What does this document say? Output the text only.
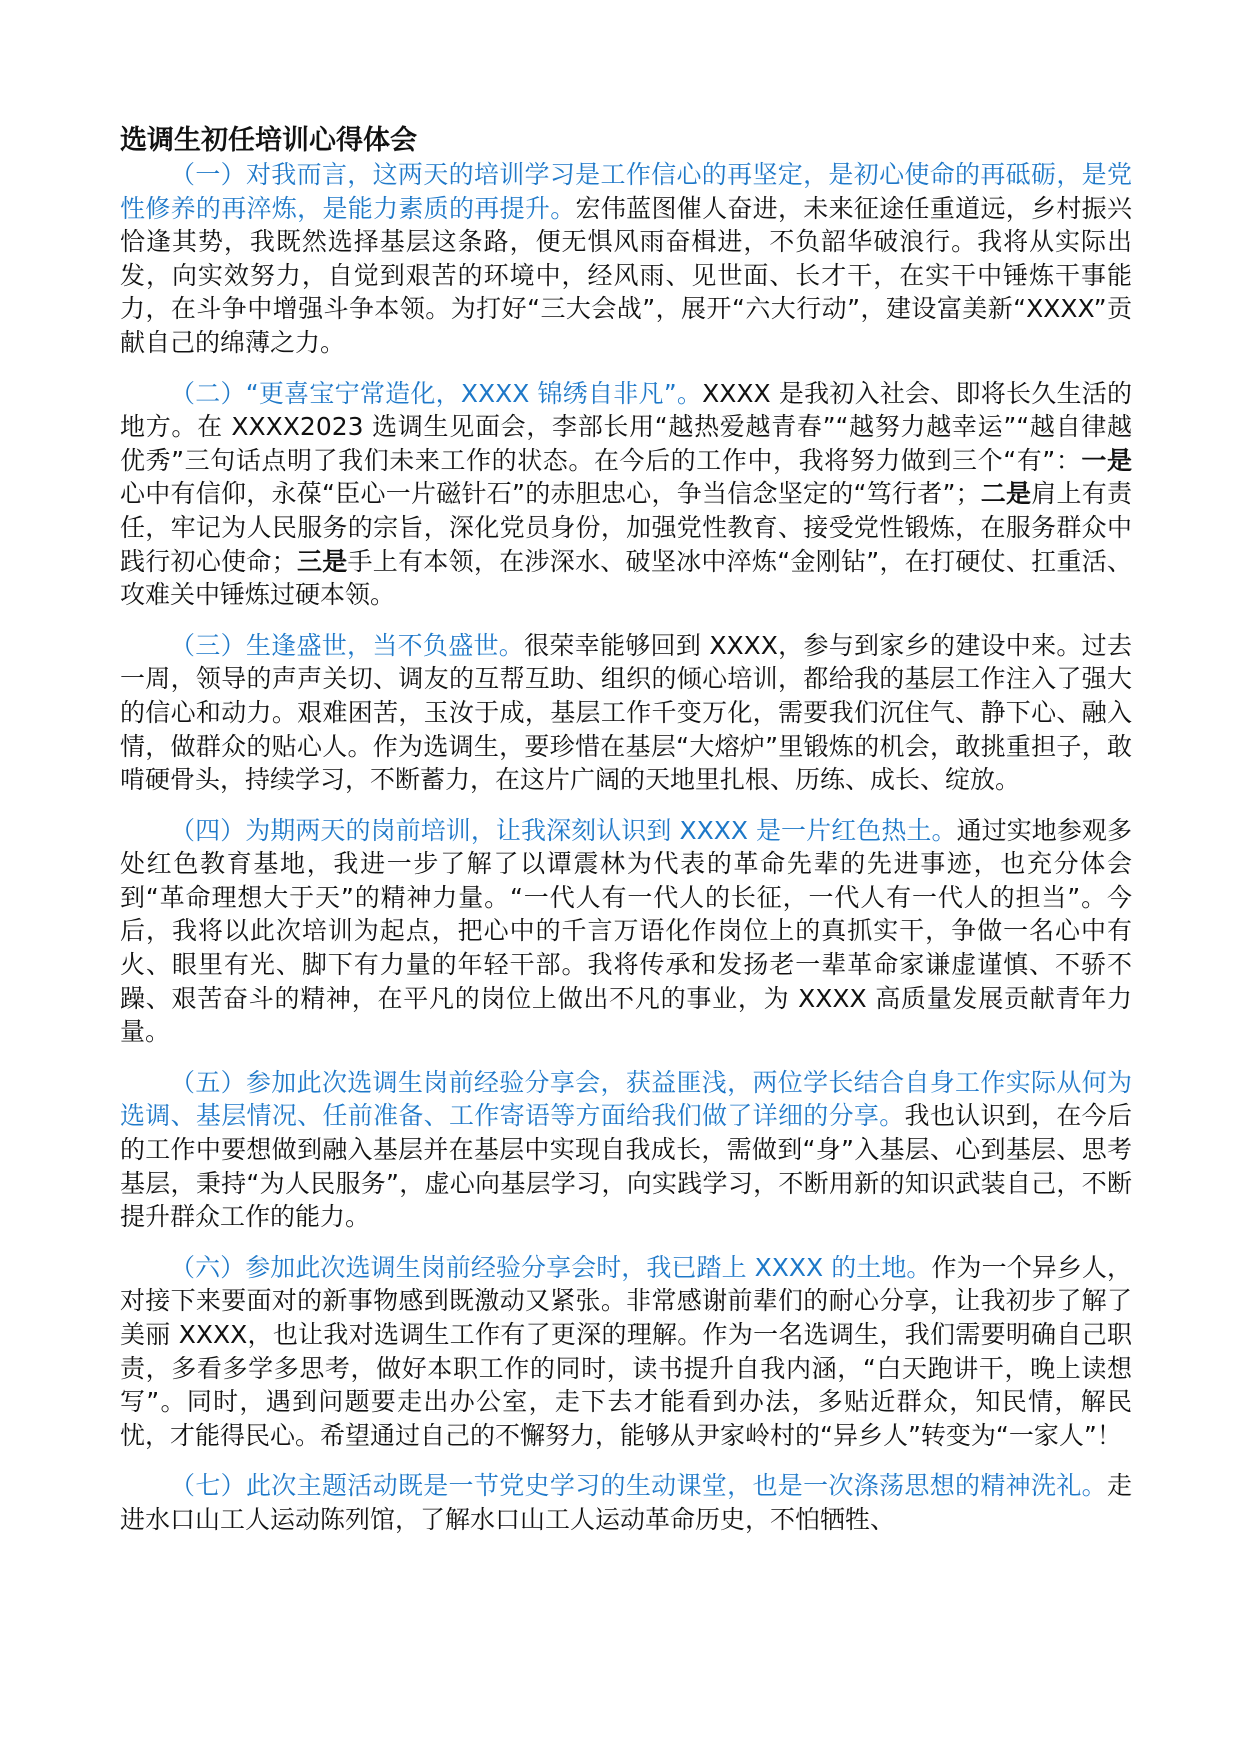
选调生初任培训心得体会

（一）对我而言，这两天的培训学习是工作信心的再坚定，是初心使命的再砥砺，是党性修养的再淬炼，是能力素质的再提升。宏伟蓝图催人奋进，未来征途任重道远，乡村振兴恰逢其势，我既然选择基层这条路，便无惧风雨奋楫进，不负韶华破浪行。我将从实际出发，向实效努力，自觉到艰苦的环境中，经风雨、见世面、长才干，在实干中锤炼干事能力，在斗争中增强斗争本领。为打好“三大会战”，展开“六大行动”，建设富美新“XXXX”贡献自己的绵薄之力。

（二）“更喜宝宁常造化，XXXX 锦绣自非凡”。XXXX 是我初入社会、即将长久生活的地方。在 XXXX2023 选调生见面会，李部长用“越热爱越青春”“越努力越幸运”“越自律越优秀”三句话点明了我们未来工作的状态。在今后的工作中，我将努力做到三个“有”：一是心中有信仰，永葆“臣心一片磁针石”的赤胆忠心，争当信念坚定的“笃行者”；二是肩上有责任，牢记为人民服务的宗旨，深化党员身份，加强党性教育、接受党性锻炼，在服务群众中践行初心使命；三是手上有本领，在涉深水、破坚冰中淬炼“金刚钻”，在打硬仗、扛重活、攻难关中锤炼过硬本领。

（三）生逢盛世，当不负盛世。很荣幸能够回到 XXXX，参与到家乡的建设中来。过去一周，领导的声声关切、调友的互帮互助、组织的倾心培训，都给我的基层工作注入了强大的信心和动力。艰难困苦，玉汝于成，基层工作千变万化，需要我们沉住气、静下心、融入情，做群众的贴心人。作为选调生，要珍惜在基层“大熔炉”里锻炼的机会，敢挑重担子，敢啃硬骨头，持续学习，不断蓄力，在这片广阔的天地里扎根、历练、成长、绽放。

（四）为期两天的岗前培训，让我深刻认识到 XXXX 是一片红色热土。通过实地参观多处红色教育基地，我进一步了解了以谭震林为代表的革命先辈的先进事迹，也充分体会到“革命理想大于天”的精神力量。“一代人有一代人的长征，一代人有一代人的担当”。今后，我将以此次培训为起点，把心中的千言万语化作岗位上的真抓实干，争做一名心中有火、眼里有光、脚下有力量的年轻干部。我将传承和发扬老一辈革命家谦虚谨慎、不骄不躁、艰苦奋斗的精神，在平凡的岗位上做出不凡的事业，为 XXXX 高质量发展贡献青年力量。

（五）参加此次选调生岗前经验分享会，获益匪浅，两位学长结合自身工作实际从何为选调、基层情况、任前准备、工作寄语等方面给我们做了详细的分享。我也认识到，在今后的工作中要想做到融入基层并在基层中实现自我成长，需做到“身”入基层、心到基层、思考基层，秉持“为人民服务”，虚心向基层学习，向实践学习，不断用新的知识武装自己，不断提升群众工作的能力。

（六）参加此次选调生岗前经验分享会时，我已踏上 XXXX 的土地。作为一个异乡人，对接下来要面对的新事物感到既激动又紧张。非常感谢前辈们的耐心分享，让我初步了解了美丽 XXXX，也让我对选调生工作有了更深的理解。作为一名选调生，我们需要明确自己职责，多看多学多思考，做好本职工作的同时，读书提升自我内涵，“白天跑讲干，晚上读想写”。同时，遇到问题要走出办公室，走下去才能看到办法，多贴近群众，知民情，解民忧，才能得民心。希望通过自己的不懈努力，能够从尹家岭村的“异乡人”转变为“一家人”！

（七）此次主题活动既是一节党史学习的生动课堂，也是一次涤荡思想的精神洗礼。走进水口山工人运动陈列馆，了解水口山工人运动革命历史，不怕牺牲、
